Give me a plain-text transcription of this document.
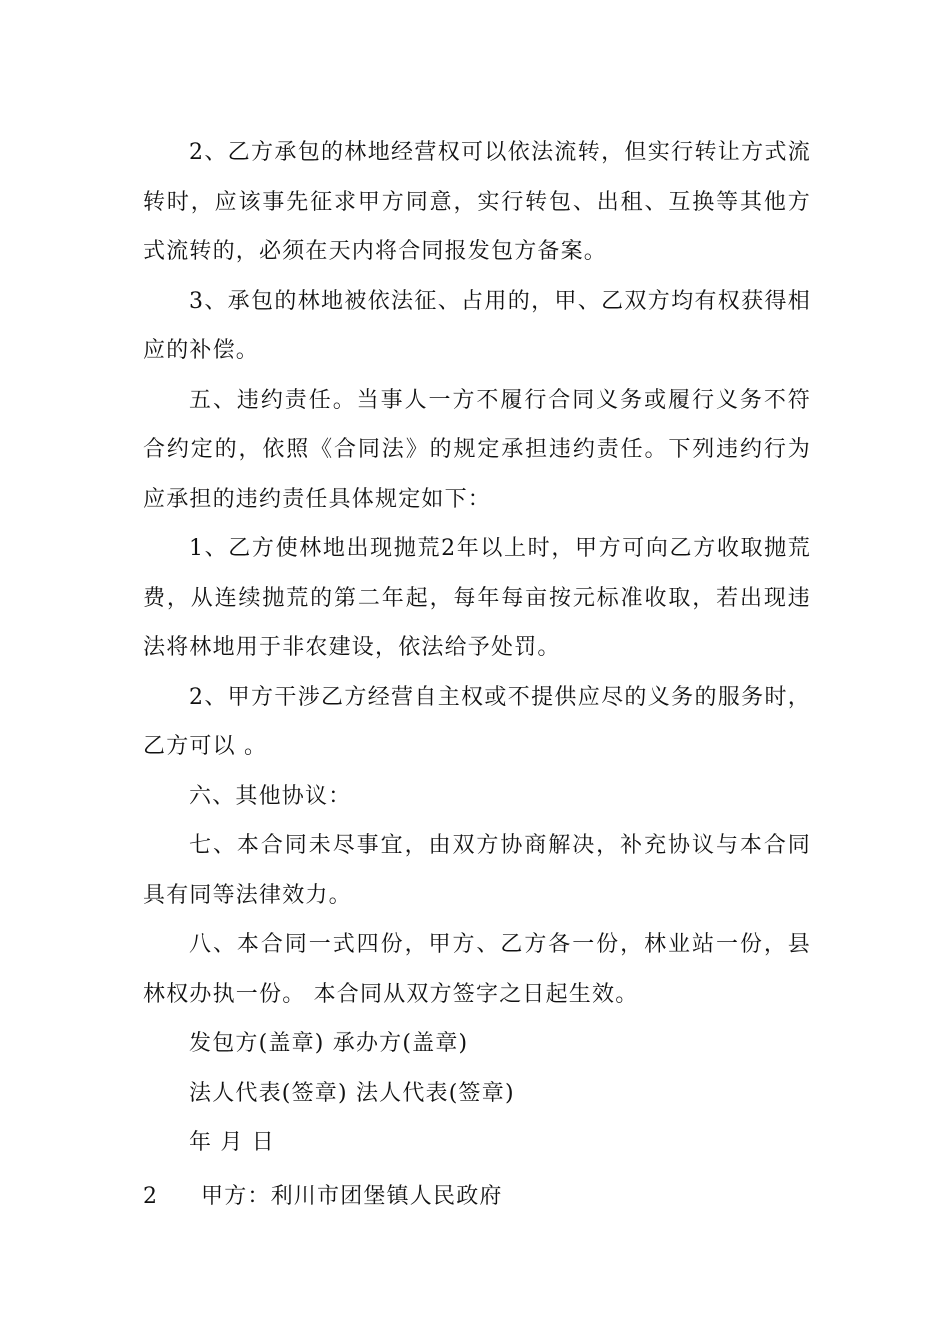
2、乙方承包的林地经营权可以依法流转，但实行转让方式流转时，应该事先征求甲方同意，实行转包、出租、互换等其他方式流转的，必须在天内将合同报发包方备案。

3、承包的林地被依法征、占用的，甲、乙双方均有权获得相应的补偿。

五、违约责任。当事人一方不履行合同义务或履行义务不符合约定的，依照《合同法》的规定承担违约责任。下列违约行为应承担的违约责任具体规定如下：

1、乙方使林地出现抛荒2年以上时，甲方可向乙方收取抛荒费，从连续抛荒的第二年起，每年每亩按元标准收取，若出现违法将林地用于非农建设，依法给予处罚。

2、甲方干涉乙方经营自主权或不提供应尽的义务的服务时，乙方可以 。

六、其他协议：

七、本合同未尽事宜，由双方协商解决，补充协议与本合同具有同等法律效力。

八、本合同一式四份，甲方、乙方各一份，林业站一份，县林权办执一份。 本合同从双方签字之日起生效。

发包方(盖章) 承办方(盖章)

法人代表(签章) 法人代表(签章)

年 月 日

2 甲方：利川市团堡镇人民政府
